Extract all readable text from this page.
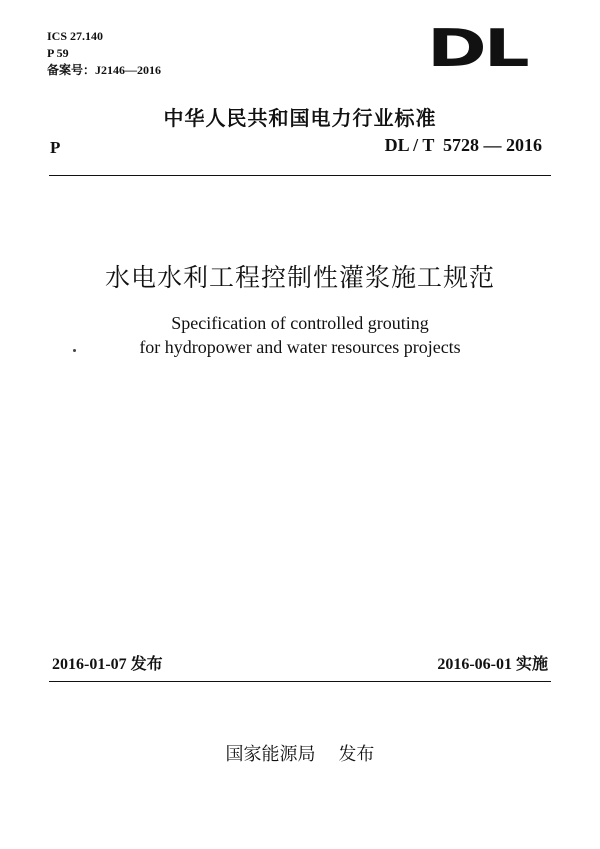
ICS 27.140
P 59
备案号：J2146—2016	DL
中华人民共和国电力行业标准
P	DL / T  5728 — 2016
水电水利工程控制性灌浆施工规范
Specification of controlled grouting
for hydropower and water resources projects
2016-01-07 发布	2016-06-01 实施
国家能源局    发布
